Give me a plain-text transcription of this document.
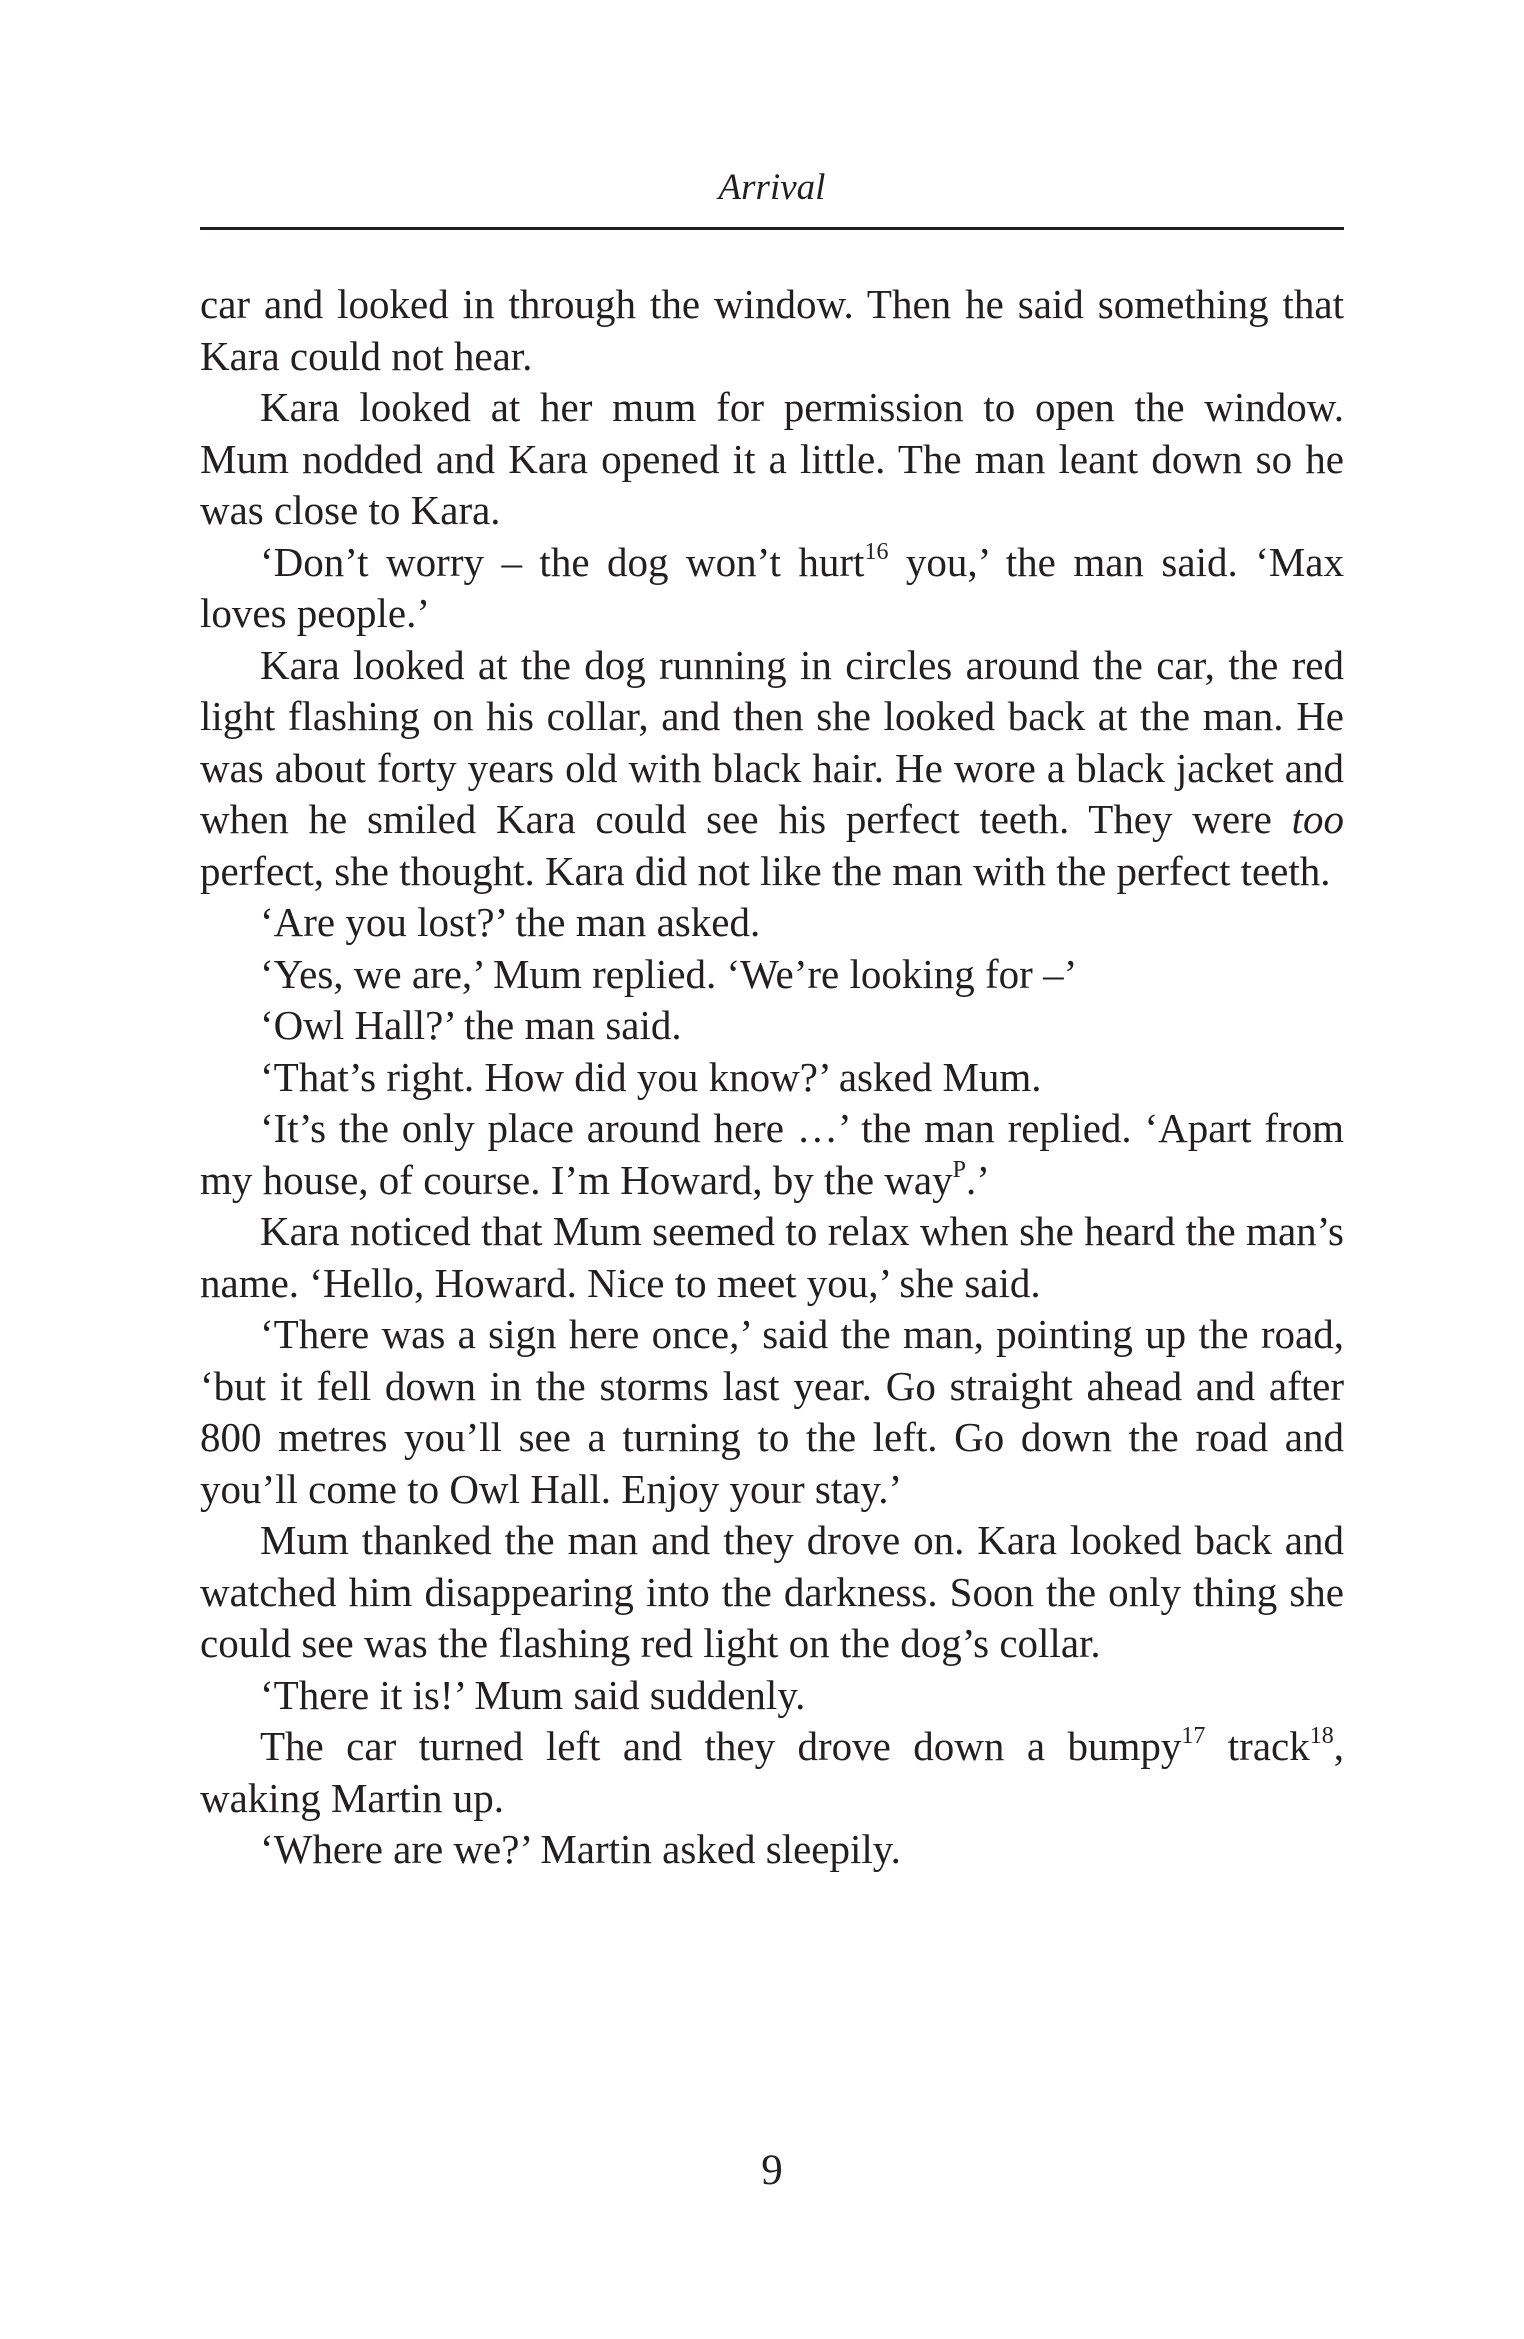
Arrival

car and looked in through the window. Then he said something that Kara could not hear.

Kara looked at her mum for permission to open the window. Mum nodded and Kara opened it a little. The man leant down so he was close to Kara.

‘Don’t worry – the dog won’t hurt$^{16}$ you,’ the man said. ‘Max loves people.’

Kara looked at the dog running in circles around the car, the red light flashing on his collar, and then she looked back at the man. He was about forty years old with black hair. He wore a black jacket and when he smiled Kara could see his perfect teeth. They were too perfect, she thought. Kara did not like the man with the perfect teeth.

‘Are you lost?’ the man asked.

‘Yes, we are,’ Mum replied. ‘We’re looking for –’

‘Owl Hall?’ the man said.

‘That’s right. How did you know?’ asked Mum.

‘It’s the only place around here …’ the man replied. ‘Apart from my house, of course. I’m Howard, by the way$^P$.’

Kara noticed that Mum seemed to relax when she heard the man’s name. ‘Hello, Howard. Nice to meet you,’ she said.

‘There was a sign here once,’ said the man, pointing up the road, ‘but it fell down in the storms last year. Go straight ahead and after 800 metres you’ll see a turning to the left. Go down the road and you’ll come to Owl Hall. Enjoy your stay.’

Mum thanked the man and they drove on. Kara looked back and watched him disappearing into the darkness. Soon the only thing she could see was the flashing red light on the dog’s collar.

‘There it is!’ Mum said suddenly.

The car turned left and they drove down a bumpy$^{17}$ track$^{18}$, waking Martin up.

‘Where are we?’ Martin asked sleepily.

9
